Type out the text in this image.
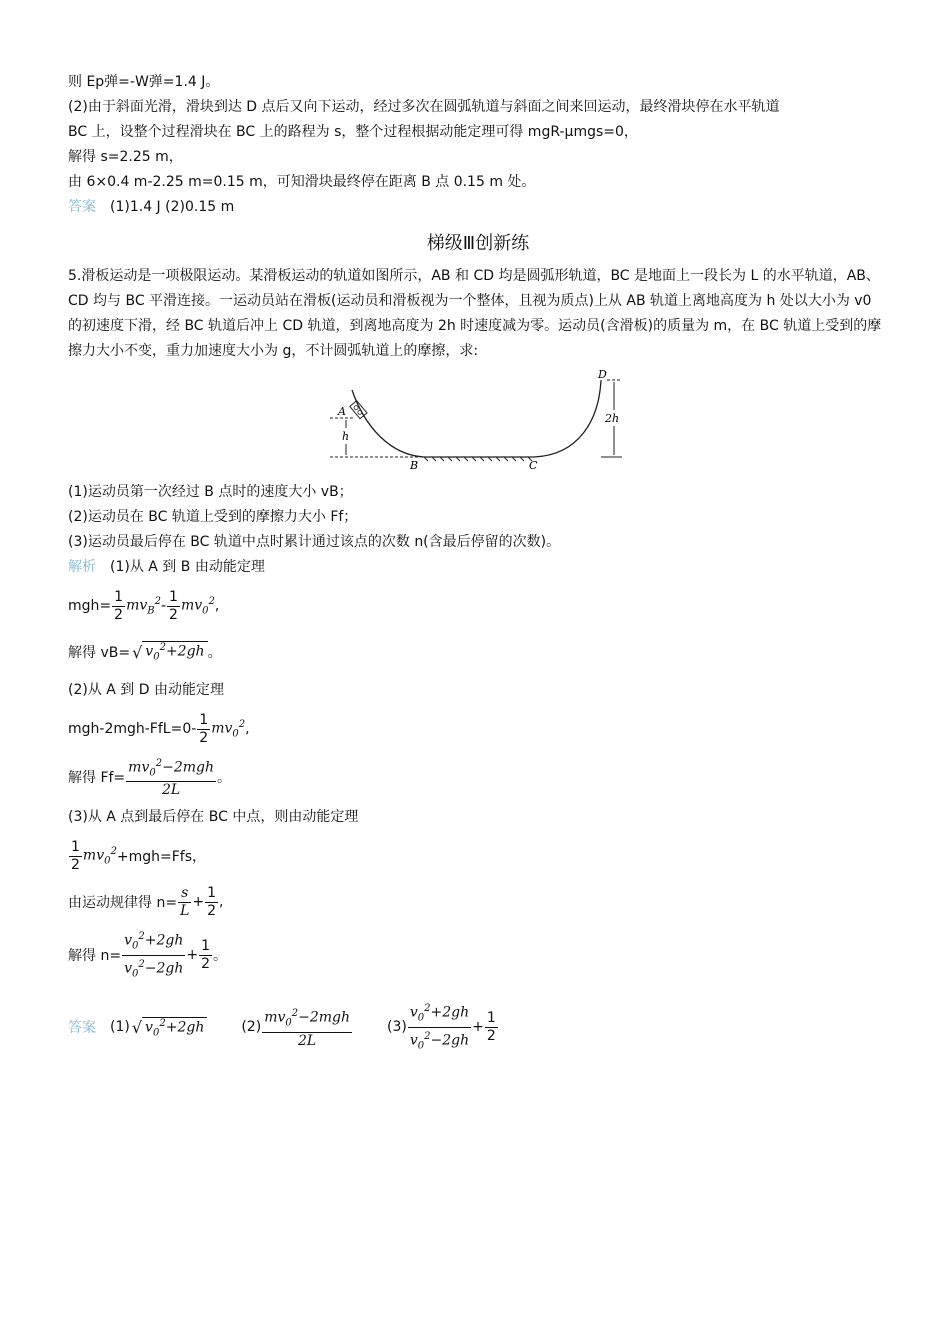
则 Ep弹=-W弹=1.4 J。
(2)由于斜面光滑，滑块到达 D 点后又向下运动，经过多次在圆弧轨道与斜面之间来回运动，最终滑块停在水平轨道
BC 上，设整个过程滑块在 BC 上的路程为 s，整个过程根据动能定理可得 mgR-μmgs=0，
解得 s=2.25 m，
由 6×0.4 m-2.25 m=0.15 m，可知滑块最终停在距离 B 点 0.15 m 处。
答案 (1)1.4 J (2)0.15 m
梯级Ⅲ创新练
5.滑板运动是一项极限运动。某滑板运动的轨道如图所示，AB 和 CD 均是圆弧形轨道，BC 是地面上一段长为 L 的水平轨道，AB、CD 均与 BC 平滑连接。一运动员站在滑板(运动员和滑板视为一个整体，且视为质点)上从 AB 轨道上离地高度为 h 处以大小为 v0 的初速度下滑，经 BC 轨道后冲上 CD 轨道，到离地高度为 2h 时速度减为零。运动员(含滑板)的质量为 m，在 BC 轨道上受到的摩擦力大小不变，重力加速度大小为 g，不计圆弧轨道上的摩擦，求:
A
h
B	C
D
2h
(1)运动员第一次经过 B 点时的速度大小 vB；
(2)运动员在 BC 轨道上受到的摩擦力大小 Ff；
(3)运动员最后停在 BC 轨道中点时累计通过该点的次数 n(含最后停留的次数)。
解析 (1)从 A 到 B 由动能定理
$mgh= \frac{1}{2} mv_B^2 - \frac{1}{2} mv_0^2$ ,
解得 vB= √ $v_0^2+2gh$ 。
(2)从 A 到 D 由动能定理
$mgh-2mgh-FfL=0- \frac{1}{2} mv_0^2$ ,
解得 $Ff= \frac{mv_0^2-2mgh}{2L}$ 。
(3)从 A 点到最后停在 BC 中点，则由动能定理
$\frac{1}{2} mv_0^2 +mgh=Ffs$，
由运动规律得 $n= \frac{s}{L} + \frac{1}{2}$ ,
解得 $n= \frac{v_0^2+2gh}{v_0^2-2gh} + \frac{1}{2}$ 。
答案 (1) √ $v_0^2+2gh$	$(2) \frac{mv_0^2-2mgh}{2L}$	$(3) \frac{v_0^2+2gh}{v_0^2-2gh} + \frac{1}{2}$
